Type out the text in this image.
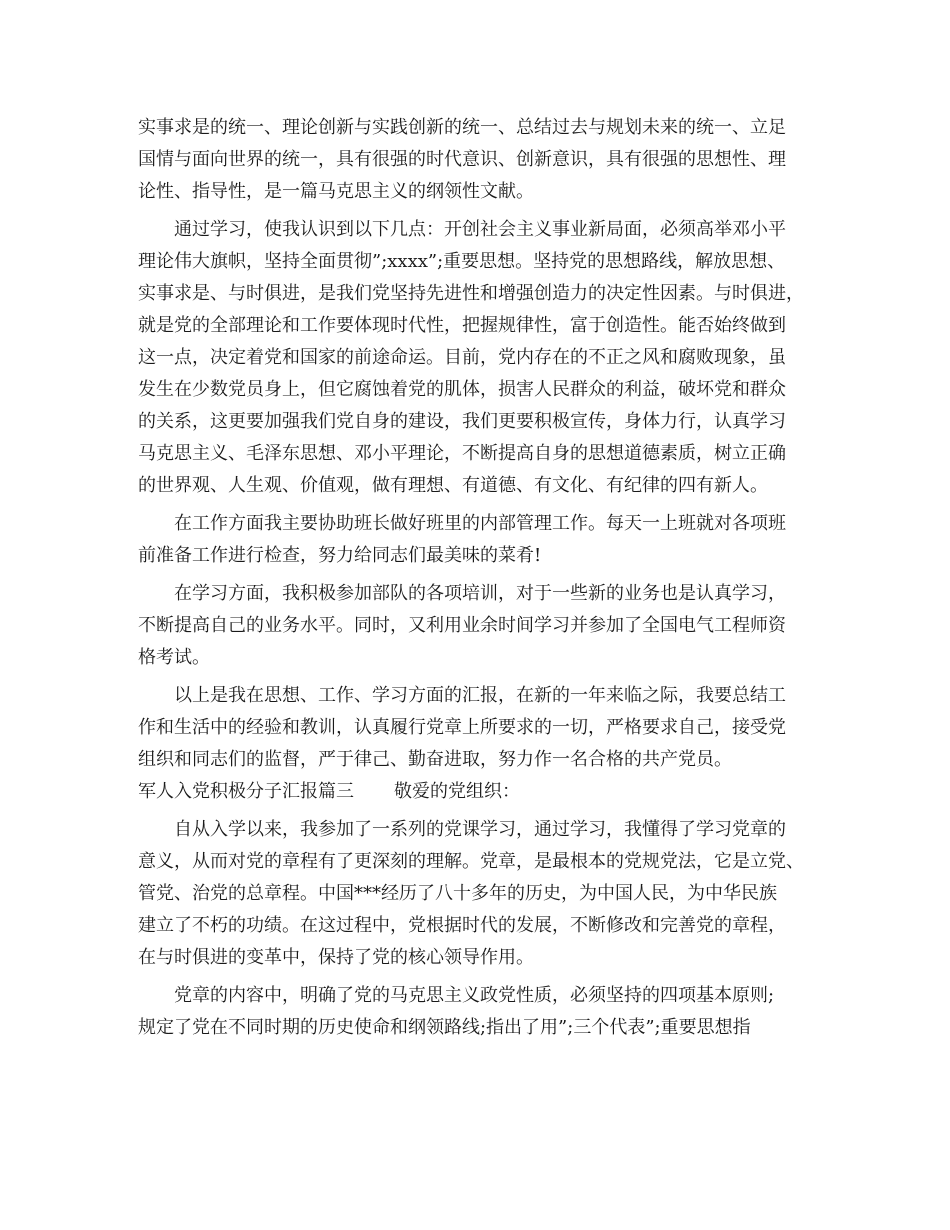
实事求是的统一、理论创新与实践创新的统一、总结过去与规划未来的统一、立足
国情与面向世界的统一，具有很强的时代意识、创新意识，具有很强的思想性、理
论性、指导性，是一篇马克思主义的纲领性文献。
通过学习，使我认识到以下几点：开创社会主义事业新局面，必须高举邓小平
理论伟大旗帜，坚持全面贯彻”;xxxx”;重要思想。坚持党的思想路线，解放思想、
实事求是、与时俱进，是我们党坚持先进性和增强创造力的决定性因素。与时俱进，
就是党的全部理论和工作要体现时代性，把握规律性，富于创造性。能否始终做到
这一点，决定着党和国家的前途命运。目前，党内存在的不正之风和腐败现象，虽
发生在少数党员身上，但它腐蚀着党的肌体，损害人民群众的利益，破坏党和群众
的关系，这更要加强我们党自身的建设，我们更要积极宣传，身体力行，认真学习
马克思主义、毛泽东思想、邓小平理论，不断提高自身的思想道德素质，树立正确
的世界观、人生观、价值观，做有理想、有道德、有文化、有纪律的四有新人。
在工作方面我主要协助班长做好班里的内部管理工作。每天一上班就对各项班
前准备工作进行检查，努力给同志们最美味的菜肴!
在学习方面，我积极参加部队的各项培训，对于一些新的业务也是认真学习，
不断提高自己的业务水平。同时，又利用业余时间学习并参加了全国电气工程师资
格考试。
以上是我在思想、工作、学习方面的汇报，在新的一年来临之际，我要总结工
作和生活中的经验和教训，认真履行党章上所要求的一切，严格要求自己，接受党
组织和同志们的监督，严于律己、勤奋进取，努力作一名合格的共产党员。
军人入党积极分子汇报篇三 敬爱的党组织：
自从入学以来，我参加了一系列的党课学习，通过学习，我懂得了学习党章的
意义，从而对党的章程有了更深刻的理解。党章，是最根本的党规党法，它是立党、
管党、治党的总章程。中国***经历了八十多年的历史，为中国人民，为中华民族
建立了不朽的功绩。在这过程中，党根据时代的发展，不断修改和完善党的章程，
在与时俱进的变革中，保持了党的核心领导作用。
党章的内容中，明确了党的马克思主义政党性质，必须坚持的四项基本原则;
规定了党在不同时期的历史使命和纲领路线;指出了用”;三个代表”;重要思想指
